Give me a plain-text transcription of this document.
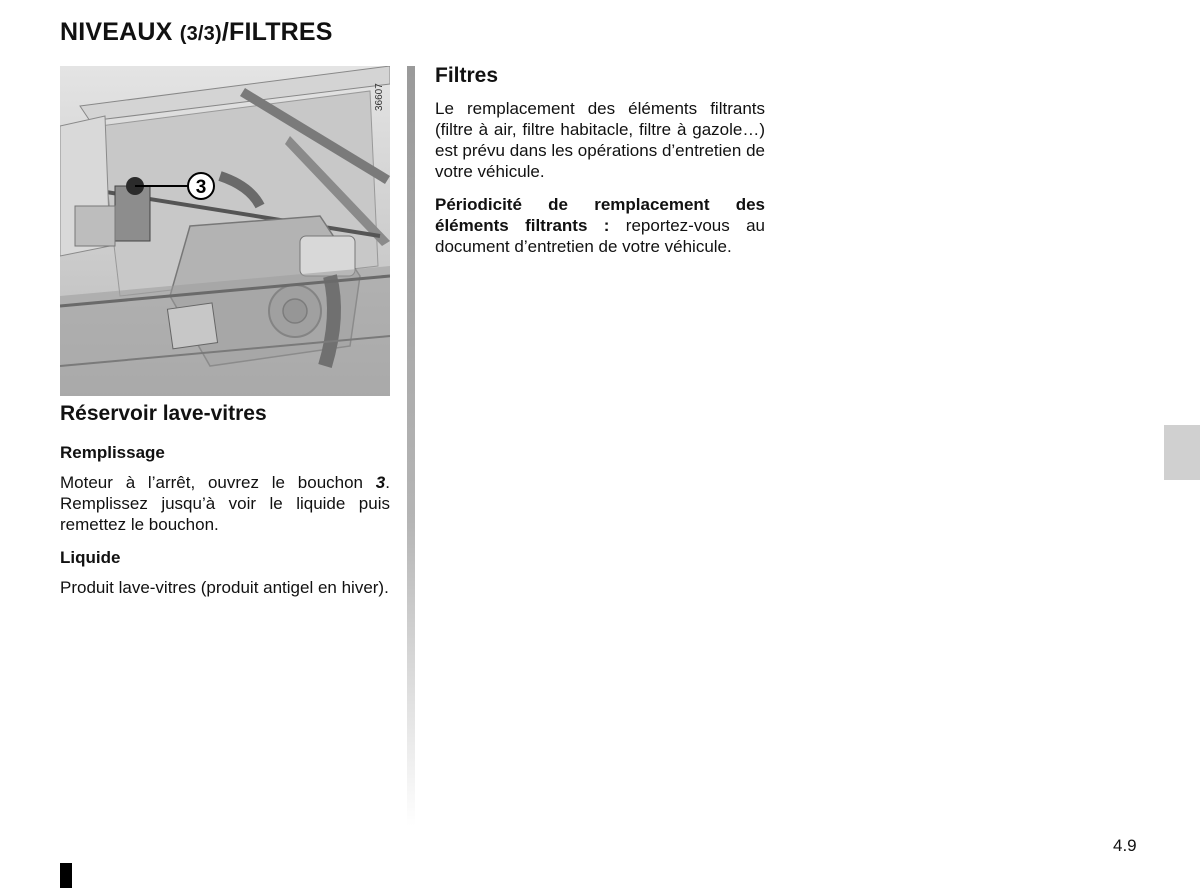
NIVEAUX (3/3)/FILTRES
3
36607
Réservoir lave-vitres
Remplissage

Moteur à l’arrêt, ouvrez le bouchon 3. Remplissez jusqu’à voir le liquide puis remettez le bouchon.

Liquide

Produit lave-vitres (produit antigel en hiver).

Filtres

Le remplacement des éléments filtrants (filtre à air, filtre habitacle, filtre à gazole…) est prévu dans les opérations d’entretien de votre véhicule.

Périodicité de remplacement des éléments filtrants : reportez-vous au document d’entretien de votre véhicule.

4.9
